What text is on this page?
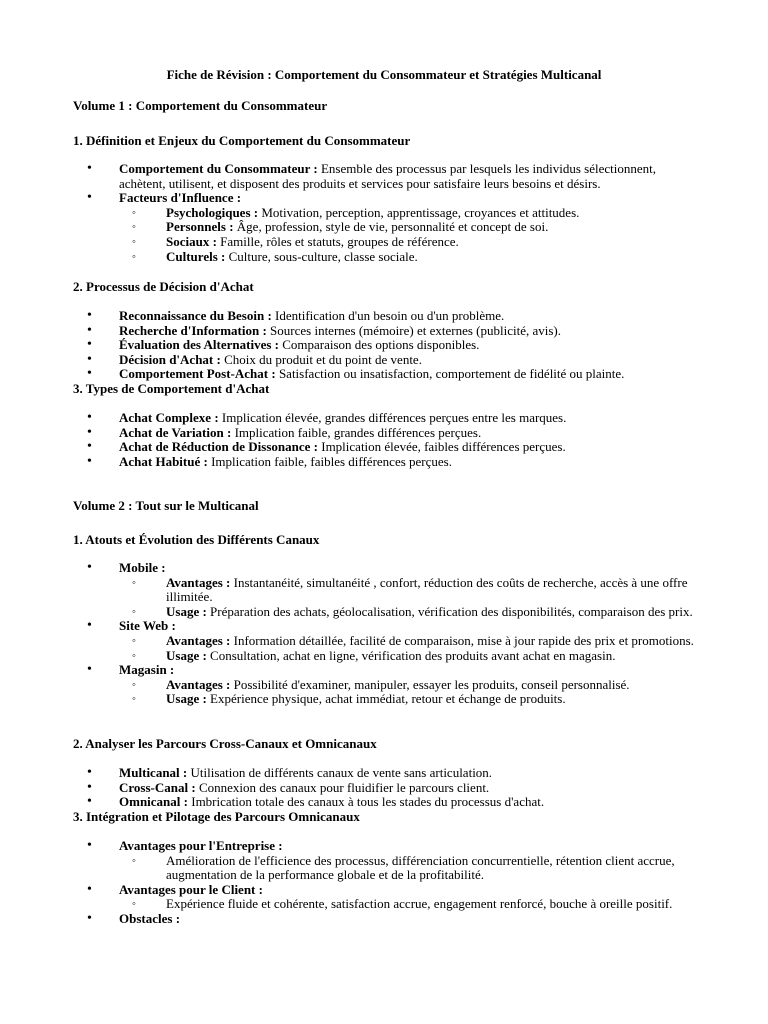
Fiche de Révision : Comportement du Consommateur et Stratégies Multicanal
Volume 1 : Comportement du Consommateur
1. Définition et Enjeux du Comportement du Consommateur
• Comportement du Consommateur : Ensemble des processus par lesquels les individus sélectionnent, achètent, utilisent, et disposent des produits et services pour satisfaire leurs besoins et désirs.
• Facteurs d'Influence :
◦ Psychologiques : Motivation, perception, apprentissage, croyances et attitudes.
◦ Personnels : Âge, profession, style de vie, personnalité et concept de soi.
◦ Sociaux : Famille, rôles et statuts, groupes de référence.
◦ Culturels : Culture, sous-culture, classe sociale.
2. Processus de Décision d'Achat
• Reconnaissance du Besoin : Identification d'un besoin ou d'un problème.
• Recherche d'Information : Sources internes (mémoire) et externes (publicité, avis).
• Évaluation des Alternatives : Comparaison des options disponibles.
• Décision d'Achat : Choix du produit et du point de vente.
• Comportement Post-Achat : Satisfaction ou insatisfaction, comportement de fidélité ou plainte.
3. Types de Comportement d'Achat
• Achat Complexe : Implication élevée, grandes différences perçues entre les marques.
• Achat de Variation : Implication faible, grandes différences perçues.
• Achat de Réduction de Dissonance : Implication élevée, faibles différences perçues.
• Achat Habitué : Implication faible, faibles différences perçues.
Volume 2 : Tout sur le Multicanal
1. Atouts et Évolution des Différents Canaux
• Mobile :
◦ Avantages : Instantanéité, simultanéité , confort, réduction des coûts de recherche, accès à une offre illimitée.
◦ Usage : Préparation des achats, géolocalisation, vérification des disponibilités, comparaison des prix.
• Site Web :
◦ Avantages : Information détaillée, facilité de comparaison, mise à jour rapide des prix et promotions.
◦ Usage : Consultation, achat en ligne, vérification des produits avant achat en magasin.
• Magasin :
◦ Avantages : Possibilité d'examiner, manipuler, essayer les produits, conseil personnalisé.
◦ Usage : Expérience physique, achat immédiat, retour et échange de produits.
2. Analyser les Parcours Cross-Canaux et Omnicanaux
• Multicanal : Utilisation de différents canaux de vente sans articulation.
• Cross-Canal : Connexion des canaux pour fluidifier le parcours client.
• Omnicanal : Imbrication totale des canaux à tous les stades du processus d'achat.
3. Intégration et Pilotage des Parcours Omnicanaux
• Avantages pour l'Entreprise :
◦ Amélioration de l'efficience des processus, différenciation concurrentielle, rétention client accrue, augmentation de la performance globale et de la profitabilité.
• Avantages pour le Client :
◦ Expérience fluide et cohérente, satisfaction accrue, engagement renforcé, bouche à oreille positif.
• Obstacles :
